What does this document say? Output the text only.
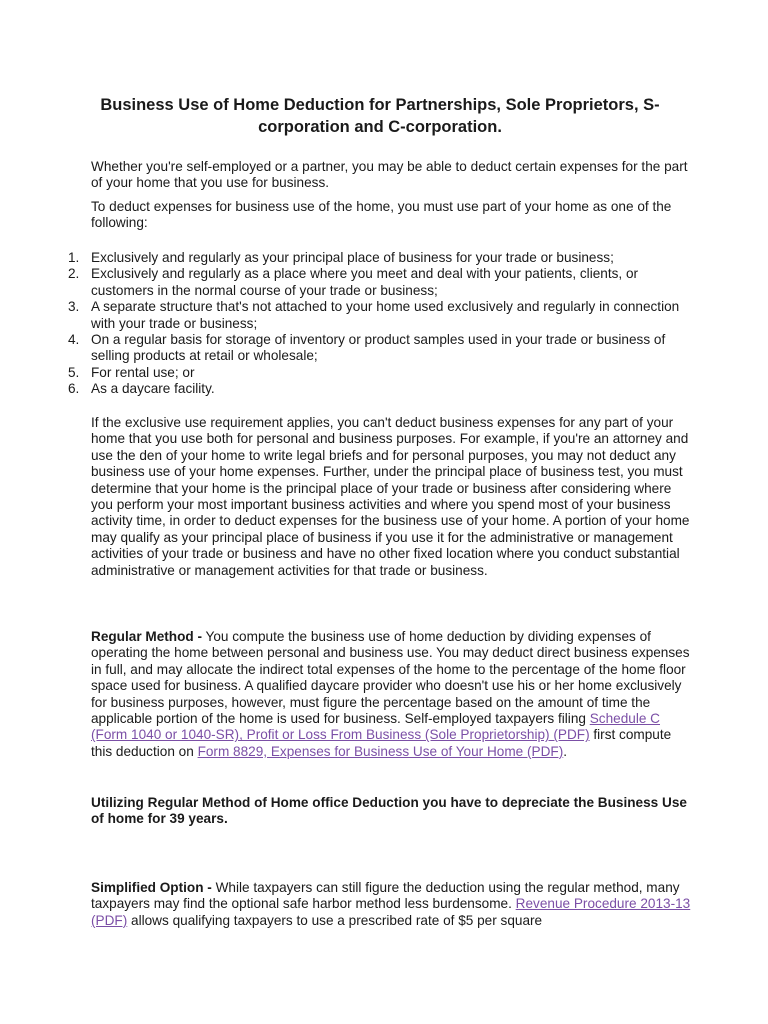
Business Use of Home Deduction for Partnerships, Sole Proprietors, S-corporation and C-corporation.

Whether you're self-employed or a partner, you may be able to deduct certain expenses for the part of your home that you use for business.

To deduct expenses for business use of the home, you must use part of your home as one of the following:

1. Exclusively and regularly as your principal place of business for your trade or business;
2. Exclusively and regularly as a place where you meet and deal with your patients, clients, or customers in the normal course of your trade or business;
3. A separate structure that's not attached to your home used exclusively and regularly in connection with your trade or business;
4. On a regular basis for storage of inventory or product samples used in your trade or business of selling products at retail or wholesale;
5. For rental use; or
6. As a daycare facility.

If the exclusive use requirement applies, you can't deduct business expenses for any part of your home that you use both for personal and business purposes. For example, if you're an attorney and use the den of your home to write legal briefs and for personal purposes, you may not deduct any business use of your home expenses. Further, under the principal place of business test, you must determine that your home is the principal place of your trade or business after considering where you perform your most important business activities and where you spend most of your business activity time, in order to deduct expenses for the business use of your home. A portion of your home may qualify as your principal place of business if you use it for the administrative or management activities of your trade or business and have no other fixed location where you conduct substantial administrative or management activities for that trade or business.

Regular Method - You compute the business use of home deduction by dividing expenses of operating the home between personal and business use. You may deduct direct business expenses in full, and may allocate the indirect total expenses of the home to the percentage of the home floor space used for business. A qualified daycare provider who doesn't use his or her home exclusively for business purposes, however, must figure the percentage based on the amount of time the applicable portion of the home is used for business. Self-employed taxpayers filing Schedule C (Form 1040 or 1040-SR), Profit or Loss From Business (Sole Proprietorship) (PDF) first compute this deduction on Form 8829, Expenses for Business Use of Your Home (PDF).

Utilizing Regular Method of Home office Deduction you have to depreciate the Business Use of home for 39 years.

Simplified Option - While taxpayers can still figure the deduction using the regular method, many taxpayers may find the optional safe harbor method less burdensome. Revenue Procedure 2013-13 (PDF) allows qualifying taxpayers to use a prescribed rate of $5 per square
